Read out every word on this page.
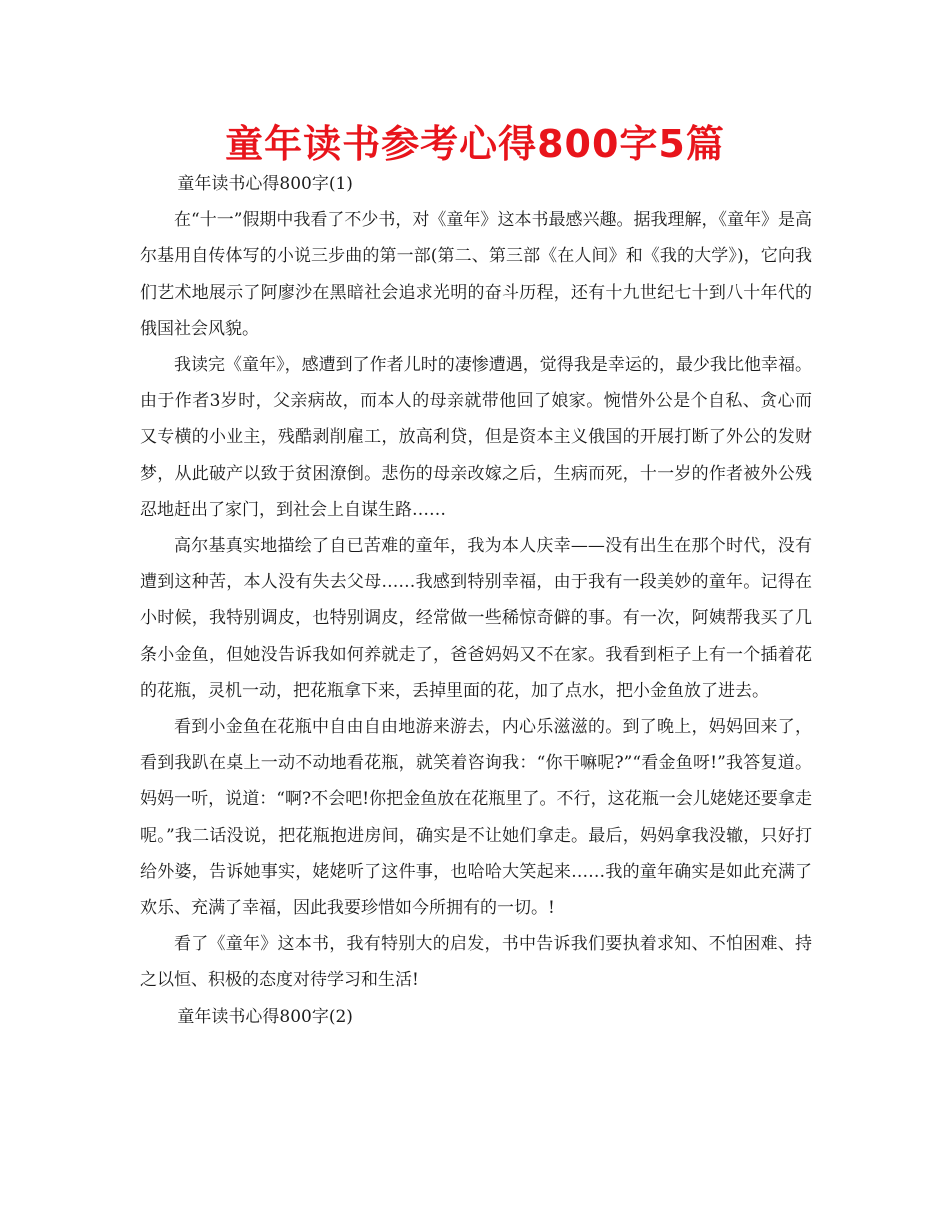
童年读书参考心得800字5篇

童年读书心得800字(1)

在“十一”假期中我看了不少书，对《童年》这本书最感兴趣。据我理解，《童年》是高尔基用自传体写的小说三步曲的第一部(第二、第三部《在人间》和《我的大学》)，它向我们艺术地展示了阿廖沙在黑暗社会追求光明的奋斗历程，还有十九世纪七十到八十年代的俄国社会风貌。

我读完《童年》，感遭到了作者儿时的凄惨遭遇，觉得我是幸运的，最少我比他幸福。由于作者3岁时，父亲病故，而本人的母亲就带他回了娘家。惋惜外公是个自私、贪心而又专横的小业主，残酷剥削雇工，放高利贷，但是资本主义俄国的开展打断了外公的发财梦，从此破产以致于贫困潦倒。悲伤的母亲改嫁之后，生病而死，十一岁的作者被外公残忍地赶出了家门，到社会上自谋生路……

高尔基真实地描绘了自已苦难的童年，我为本人庆幸——没有出生在那个时代，没有遭到这种苦，本人没有失去父母……我感到特别幸福，由于我有一段美妙的童年。记得在小时候，我特别调皮，也特别调皮，经常做一些稀惊奇僻的事。有一次，阿姨帮我买了几条小金鱼，但她没告诉我如何养就走了，爸爸妈妈又不在家。我看到柜子上有一个插着花的花瓶，灵机一动，把花瓶拿下来，丢掉里面的花，加了点水，把小金鱼放了进去。

看到小金鱼在花瓶中自由自由地游来游去，内心乐滋滋的。到了晚上，妈妈回来了，看到我趴在桌上一动不动地看花瓶，就笑着咨询我：“你干嘛呢?”“看金鱼呀!”我答复道。妈妈一听，说道：“啊?不会吧!你把金鱼放在花瓶里了。不行，这花瓶一会儿姥姥还要拿走呢。”我二话没说，把花瓶抱进房间，确实是不让她们拿走。最后，妈妈拿我没辙，只好打给外婆，告诉她事实，姥姥听了这件事，也哈哈大笑起来……我的童年确实是如此充满了欢乐、充满了幸福，因此我要珍惜如今所拥有的一切。!

看了《童年》这本书，我有特别大的启发，书中告诉我们要执着求知、不怕困难、持之以恒、积极的态度对待学习和生活!

童年读书心得800字(2)
